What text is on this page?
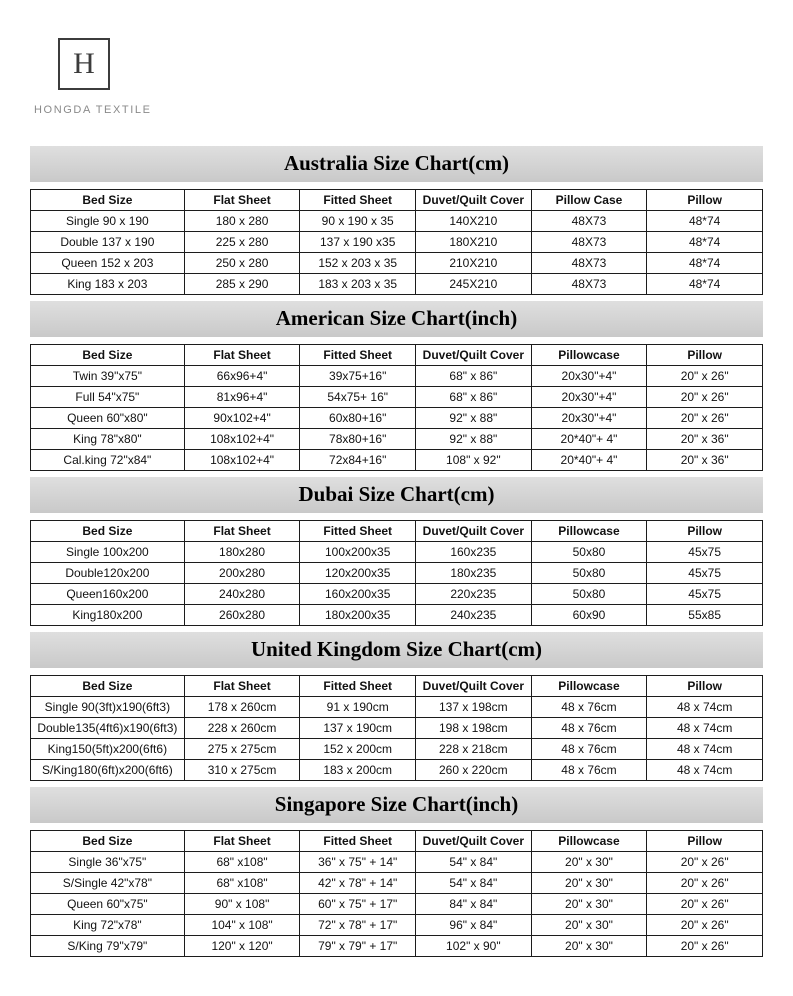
H
HONGDA TEXTILE
Australia Size Chart(cm)
Bed Size	Flat Sheet	Fitted Sheet	Duvet/Quilt Cover	Pillow Case	Pillow
Single 90 x 190	180 x 280	90 x 190 x 35	140X210	48X73	48*74
Double 137 x 190	225 x 280	137 x 190 x35	180X210	48X73	48*74
Queen 152 x 203	250 x 280	152 x 203 x 35	210X210	48X73	48*74
King 183 x 203	285 x 290	183 x 203 x 35	245X210	48X73	48*74
American Size Chart(inch)
Bed Size	Flat Sheet	Fitted Sheet	Duvet/Quilt Cover	Pillowcase	Pillow
Twin 39"x75"	66x96+4"	39x75+16"	68" x 86"	20x30"+4"	20" x 26"
Full 54"x75"	81x96+4"	54x75+ 16"	68" x 86"	20x30"+4"	20" x 26"
Queen 60"x80"	90x102+4"	60x80+16"	92" x 88"	20x30"+4"	20" x 26"
King 78"x80"	108x102+4"	78x80+16"	92" x 88"	20*40"+ 4"	20" x 36"
Cal.king 72"x84"	108x102+4"	72x84+16"	108" x 92"	20*40"+ 4"	20" x 36"
Dubai Size Chart(cm)
Bed Size	Flat Sheet	Fitted Sheet	Duvet/Quilt Cover	Pillowcase	Pillow
Single 100x200	180x280	100x200x35	160x235	50x80	45x75
Double120x200	200x280	120x200x35	180x235	50x80	45x75
Queen160x200	240x280	160x200x35	220x235	50x80	45x75
King180x200	260x280	180x200x35	240x235	60x90	55x85
United Kingdom Size Chart(cm)
Bed Size	Flat Sheet	Fitted Sheet	Duvet/Quilt Cover	Pillowcase	Pillow
Single 90(3ft)x190(6ft3)	178 x 260cm	91 x 190cm	137 x 198cm	48 x 76cm	48 x 74cm
Double135(4ft6)x190(6ft3)	228 x 260cm	137 x 190cm	198 x 198cm	48 x 76cm	48 x 74cm
King150(5ft)x200(6ft6)	275 x 275cm	152 x 200cm	228 x 218cm	48 x 76cm	48 x 74cm
S/King180(6ft)x200(6ft6)	310 x 275cm	183 x 200cm	260 x 220cm	48 x 76cm	48 x 74cm
Singapore Size Chart(inch)
Bed Size	Flat Sheet	Fitted Sheet	Duvet/Quilt Cover	Pillowcase	Pillow
Single 36"x75"	68" x108"	36" x 75" + 14"	54" x 84"	20" x 30"	20" x 26"
S/Single 42"x78"	68" x108"	42" x 78" + 14"	54" x 84"	20" x 30"	20" x 26"
Queen 60"x75"	90" x 108"	60" x 75" + 17"	84" x 84"	20" x 30"	20" x 26"
King 72"x78"	104" x 108"	72" x 78" + 17"	96" x 84"	20" x 30"	20" x 26"
S/King 79"x79"	120" x 120"	79" x 79" + 17"	102" x 90"	20" x 30"	20" x 26"
